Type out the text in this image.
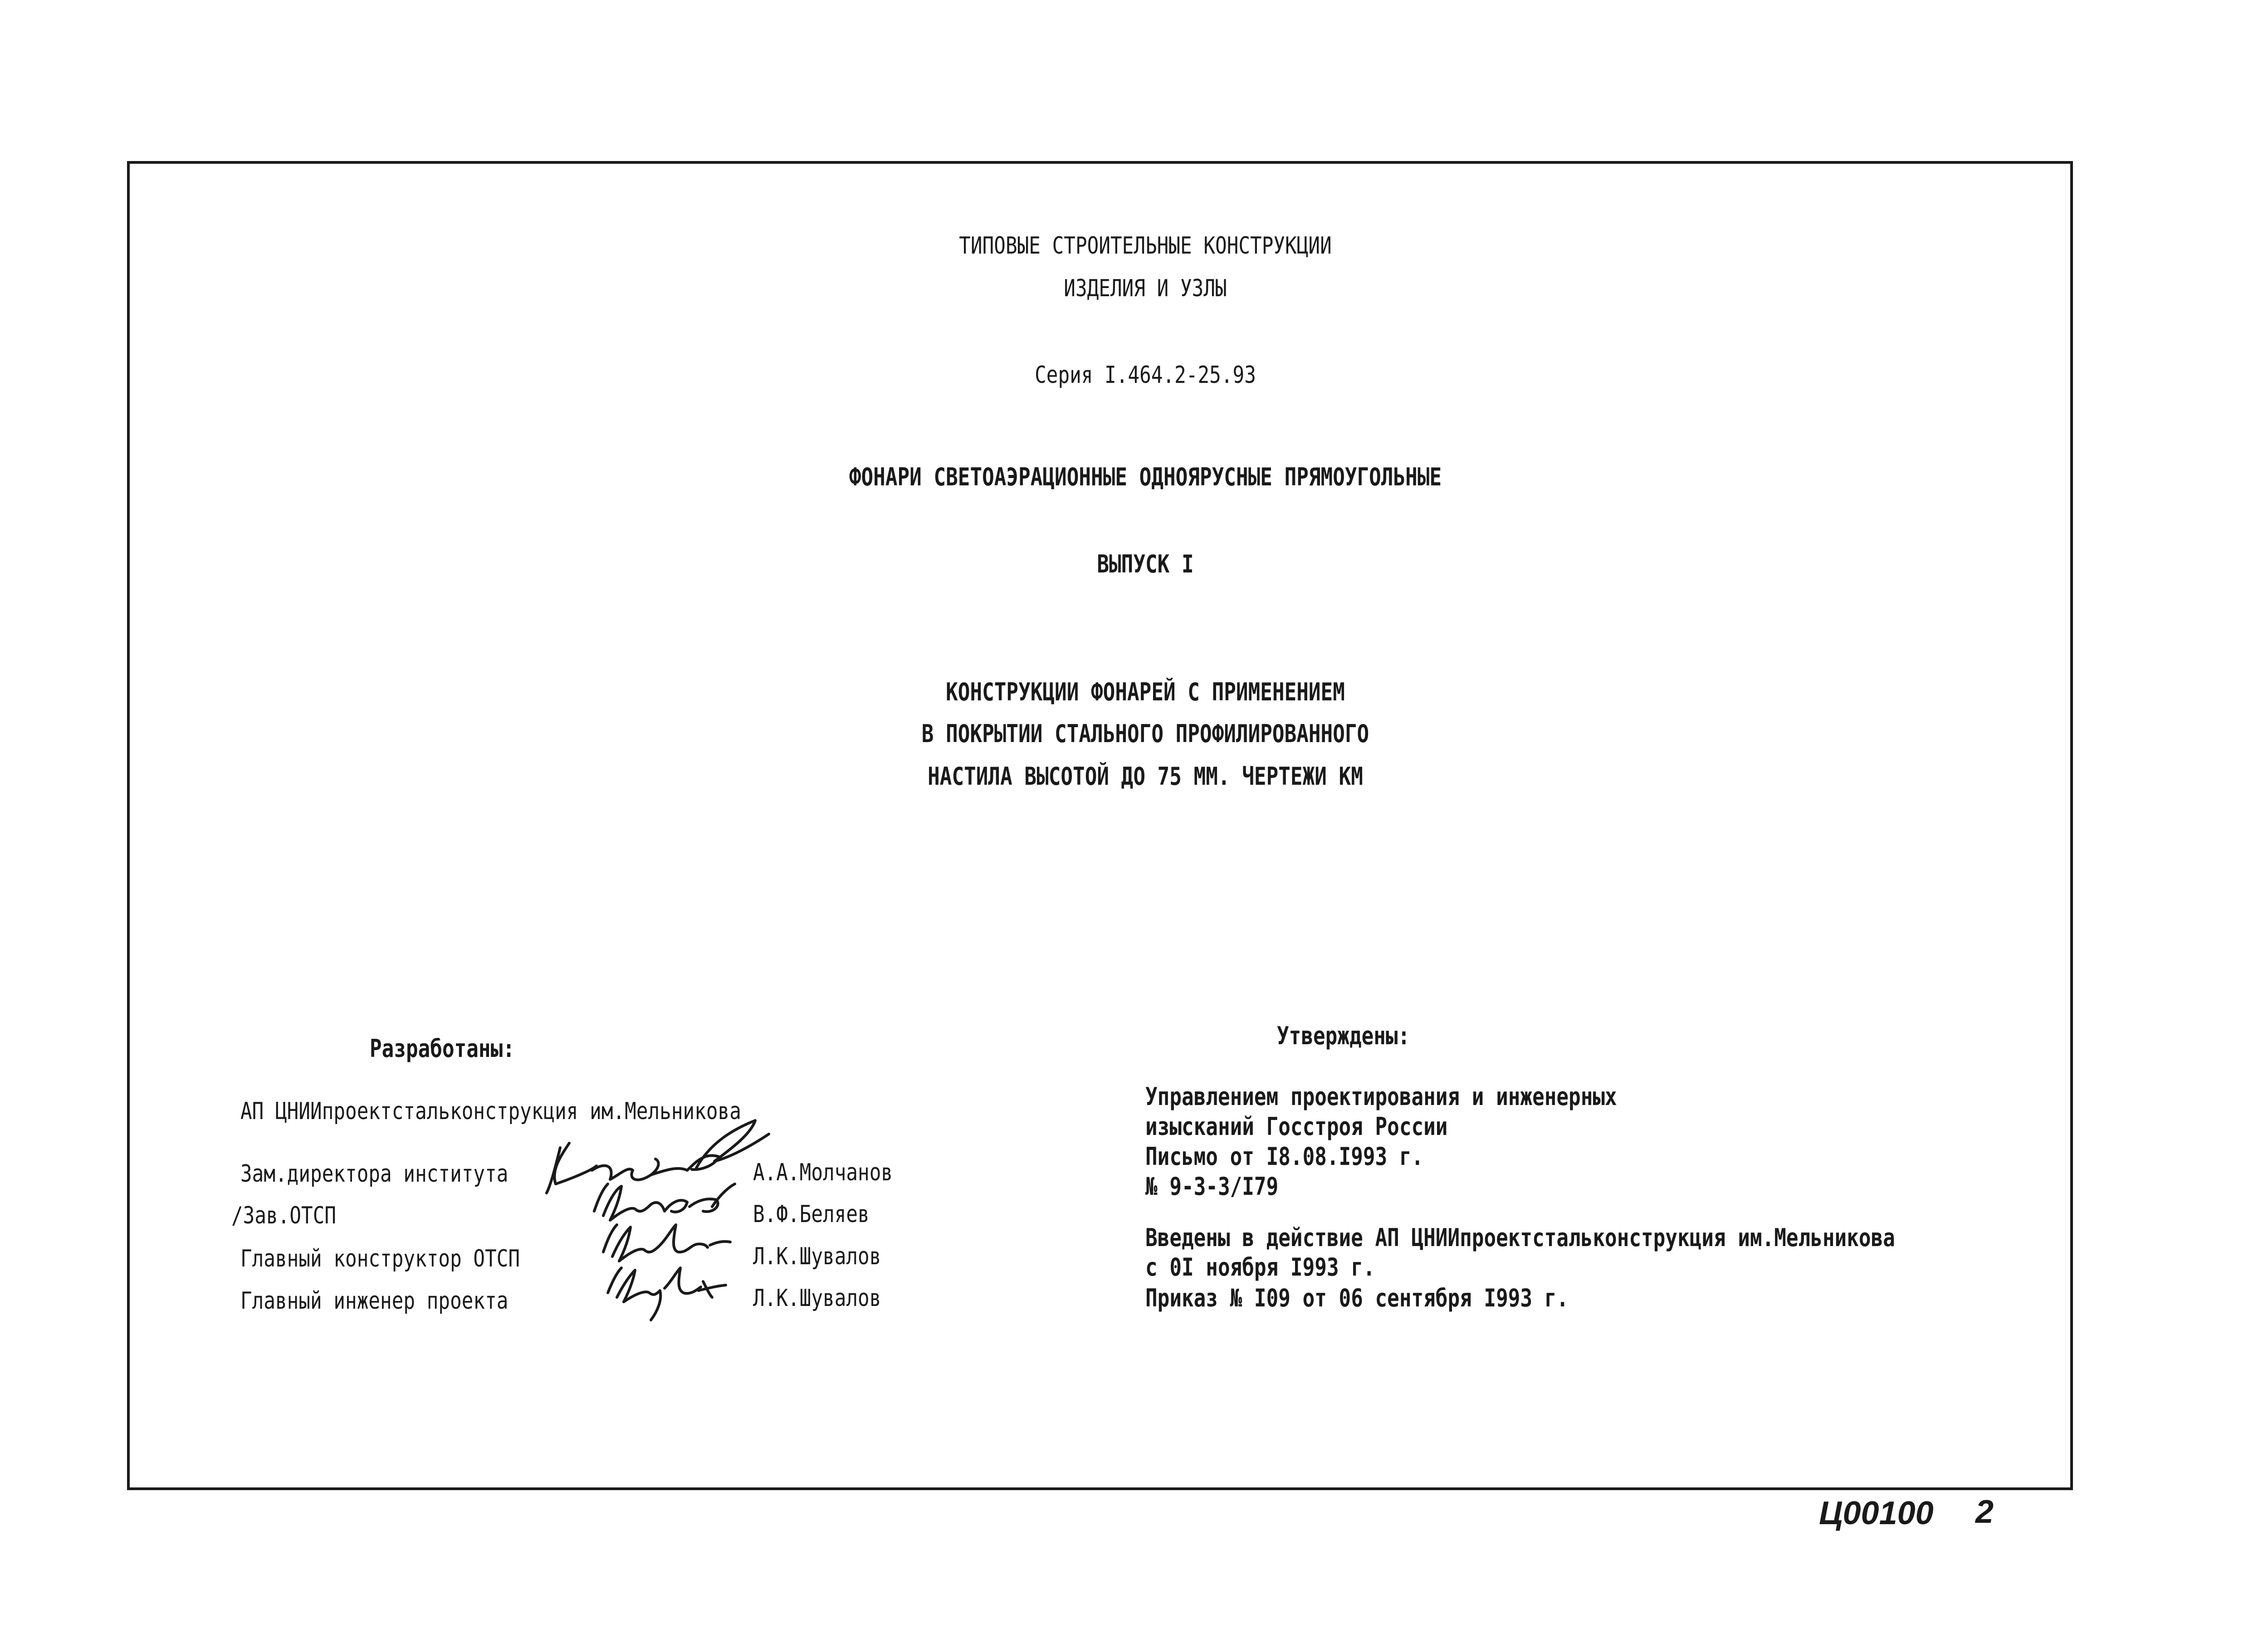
ТИПОВЫЕ СТРОИТЕЛЬНЫЕ КОНСТРУКЦИИ
ИЗДЕЛИЯ И УЗЛЫ
Серия I.464.2-25.93
ФОНАРИ СВЕТОАЭРАЦИОННЫЕ ОДНОЯРУСНЫЕ ПРЯМОУГОЛЬНЫЕ
ВЫПУСК I
КОНСТРУКЦИИ ФОНАРЕЙ С ПРИМЕНЕНИЕМ
В ПОКРЫТИИ СТАЛЬНОГО ПРОФИЛИРОВАННОГО
НАСТИЛА ВЫСОТОЙ ДО 75 ММ. ЧЕРТЕЖИ КМ
Разработаны:
АП ЦНИИпроектстальконструкция им.Мельникова
Зам.директора института	А.А.Молчанов
/Зав.ОТСП	В.Ф.Беляев
Главный конструктор ОТСП	Л.К.Шувалов
Главный инженер проекта	Л.К.Шувалов
Утверждены:
Управлением проектирования и инженерных
изысканий Госстроя России
Письмо от I8.08.I993 г.
№ 9-3-3/I79
Введены в действие АП ЦНИИпроектстальконструкция им.Мельникова
с 0I ноября I993 г.
Приказ № I09 от 06 сентября I993 г.
Ц00100 2
